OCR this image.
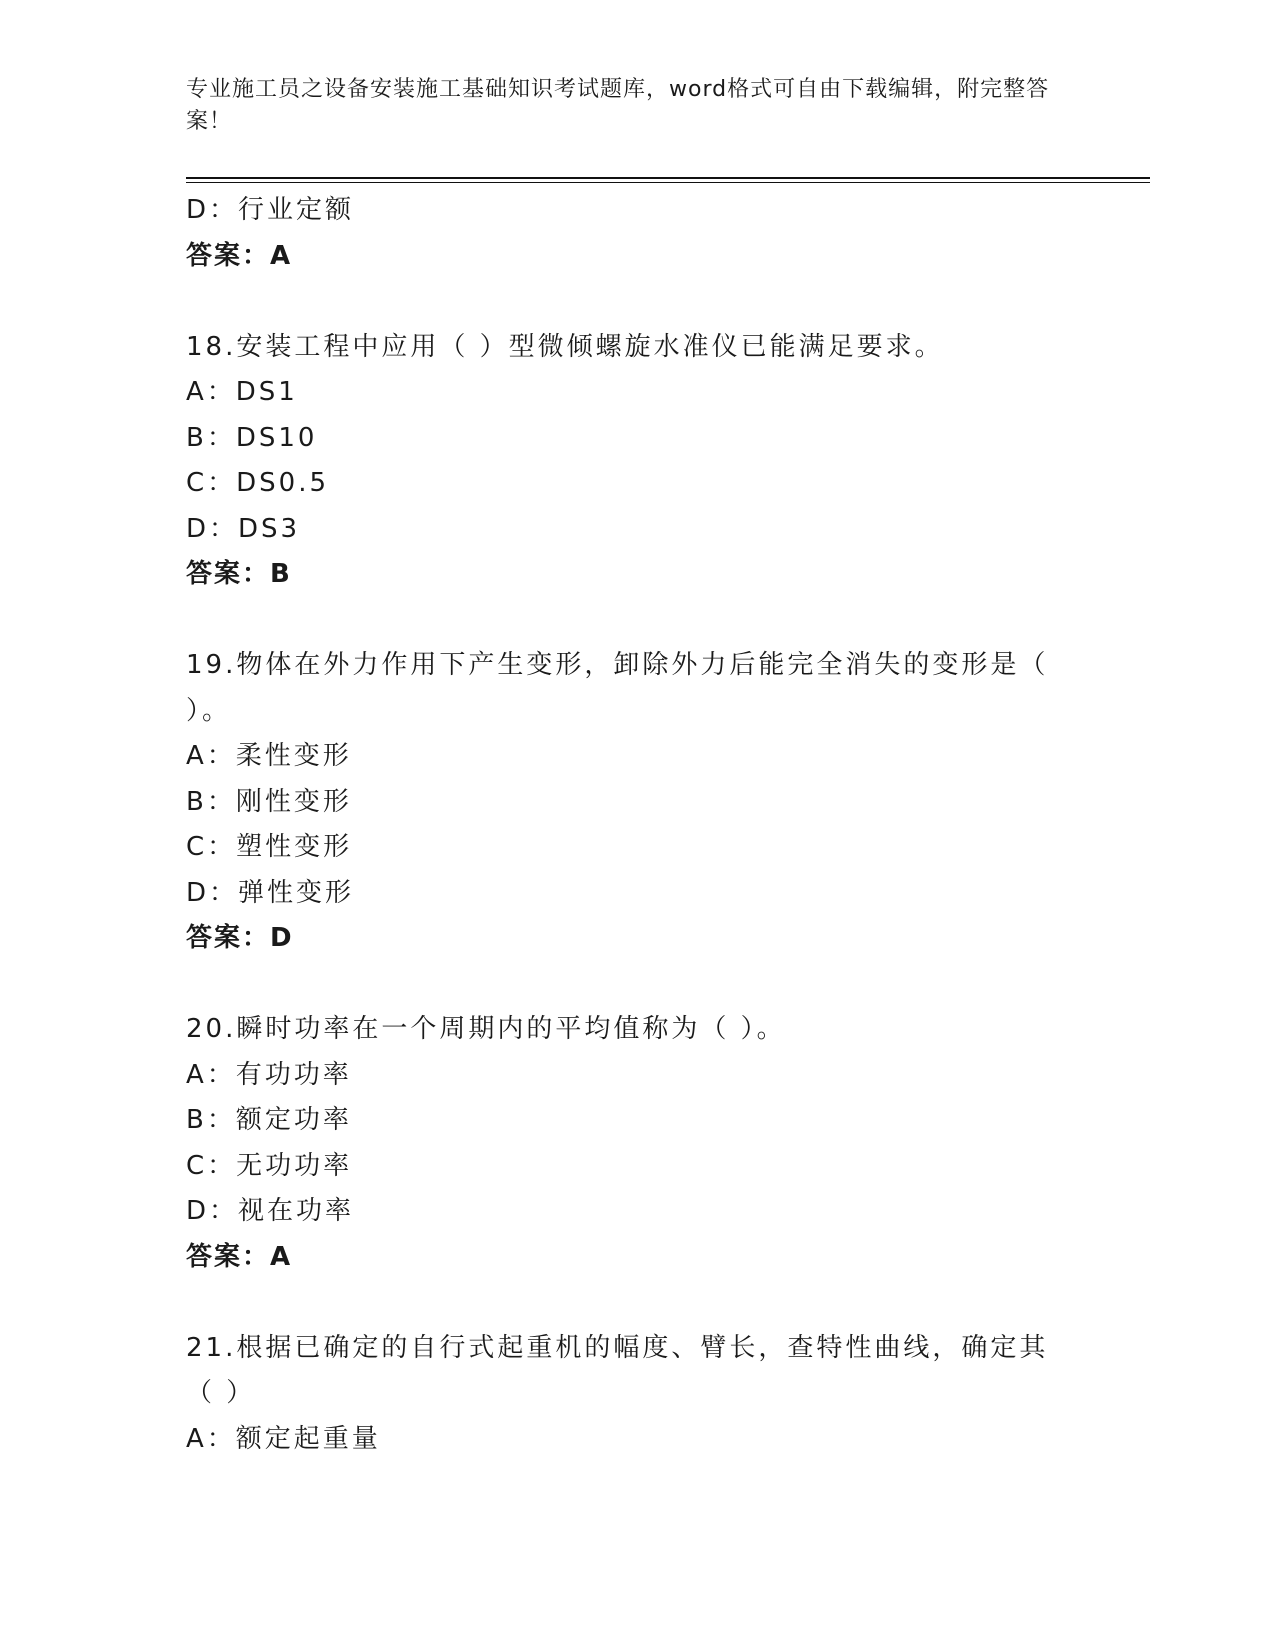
专业施工员之设备安装施工基础知识考试题库，word格式可自由下载编辑，附完整答案！
D：行业定额
答案：A
18.安装工程中应用（ ）型微倾螺旋水准仪已能满足要求。
A：DS1
B：DS10
C：DS0.5
D：DS3
答案：B
19.物体在外力作用下产生变形，卸除外力后能完全消失的变形是（ ）。
A：柔性变形
B：刚性变形
C：塑性变形
D：弹性变形
答案：D
20.瞬时功率在一个周期内的平均值称为（ ）。
A：有功功率
B：额定功率
C：无功功率
D：视在功率
答案：A
21.根据已确定的自行式起重机的幅度、臂长，查特性曲线，确定其（ ）
A：额定起重量
